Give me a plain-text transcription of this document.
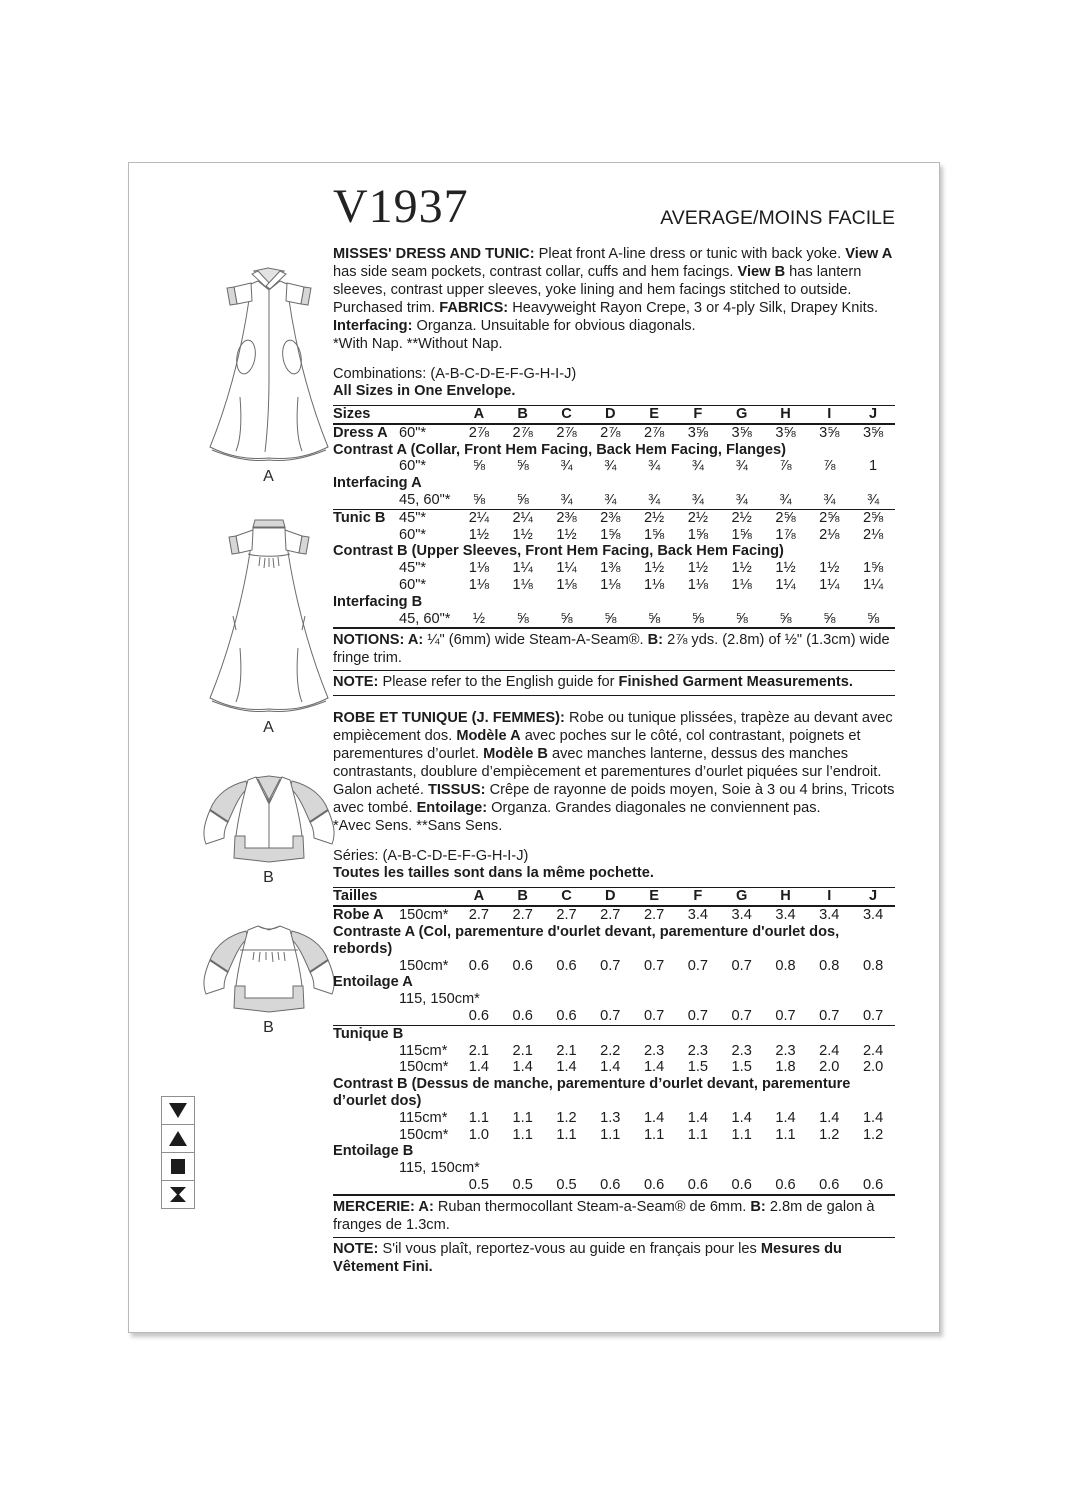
A
A
B
B
V1937	AVERAGE/MOINS FACILE

MISSES' DRESS AND TUNIC: Pleat front A-line dress or tunic with back yoke. View A has side seam pockets, contrast collar, cuffs and hem facings. View B has lantern sleeves, contrast upper sleeves, yoke lining and hem facings stitched to outside. Purchased trim. FABRICS: Heavyweight Rayon Crepe, 3 or 4-ply Silk, Drapey Knits. Interfacing: Organza. Unsuitable for obvious diagonals.
*With Nap. **Without Nap.

Combinations: (A-B-C-D-E-F-G-H-I-J)
All Sizes in One Envelope.
Sizes	A	B	C	D	E	F	G	H	I	J
Dress A 60"*	2⅞	2⅞	2⅞	2⅞	2⅞	3⅝	3⅝	3⅝	3⅝	3⅝
Contrast A (Collar, Front Hem Facing, Back Hem Facing, Flanges)
60"*	⅝	⅝	¾	¾	¾	¾	¾	⅞	⅞	1
Interfacing A
45, 60"*	⅝	⅝	¾	¾	¾	¾	¾	¾	¾	¾
Tunic B 45"*	2¼	2¼	2⅜	2⅜	2½	2½	2½	2⅝	2⅝	2⅝
60"*	1½	1½	1½	1⅝	1⅝	1⅝	1⅝	1⅞	2⅛	2⅛
Contrast B (Upper Sleeves, Front Hem Facing, Back Hem Facing)
45"*	1⅛	1¼	1¼	1⅜	1½	1½	1½	1½	1½	1⅝
60"*	1⅛	1⅛	1⅛	1⅛	1⅛	1⅛	1⅛	1¼	1¼	1¼
Interfacing B
45, 60"*	½	⅝	⅝	⅝	⅝	⅝	⅝	⅝	⅝	⅝

NOTIONS: A: ¼" (6mm) wide Steam-A-Seam®. B: 2⅞ yds. (2.8m) of ½" (1.3cm) wide fringe trim.

NOTE: Please refer to the English guide for Finished Garment Measurements.

ROBE ET TUNIQUE (J. FEMMES): Robe ou tunique plissées, trapèze au devant avec empiècement dos. Modèle A avec poches sur le côté, col contrastant, poignets et parementures d’ourlet. Modèle B avec manches lanterne, dessus des manches contrastants, doublure d’empiècement et parementures d’ourlet piquées sur l’endroit. Galon acheté. TISSUS: Crêpe de rayonne de poids moyen, Soie à 3 ou 4 brins, Tricots avec tombé. Entoilage: Organza. Grandes diagonales ne conviennent pas.
*Avec Sens. **Sans Sens.

Séries: (A-B-C-D-E-F-G-H-I-J)
Toutes les tailles sont dans la même pochette.
Tailles	A	B	C	D	E	F	G	H	I	J
Robe A	150cm*	2.7	2.7	2.7	2.7	2.7	3.4	3.4	3.4	3.4	3.4
Contraste A (Col, parementure d'ourlet devant, parementure d'ourlet dos, rebords)
150cm*	0.6	0.6	0.6	0.7	0.7	0.7	0.7	0.8	0.8	0.8
Entoilage A
115, 150cm*
0.6	0.6	0.6	0.7	0.7	0.7	0.7	0.7	0.7	0.7
Tunique B
115cm*	2.1	2.1	2.1	2.2	2.3	2.3	2.3	2.3	2.4	2.4
150cm*	1.4	1.4	1.4	1.4	1.4	1.5	1.5	1.8	2.0	2.0
Contrast B (Dessus de manche, parementure d’ourlet devant, parementure d’ourlet dos)
115cm*	1.1	1.1	1.2	1.3	1.4	1.4	1.4	1.4	1.4	1.4
150cm*	1.0	1.1	1.1	1.1	1.1	1.1	1.1	1.1	1.2	1.2
Entoilage B
115, 150cm*
0.5	0.5	0.5	0.6	0.6	0.6	0.6	0.6	0.6	0.6

MERCERIE: A: Ruban thermocollant Steam-a-Seam® de 6mm. B: 2.8m de galon à franges de 1.3cm.

NOTE: S'il vous plaît, reportez-vous au guide en français pour les Mesures du Vêtement Fini.
